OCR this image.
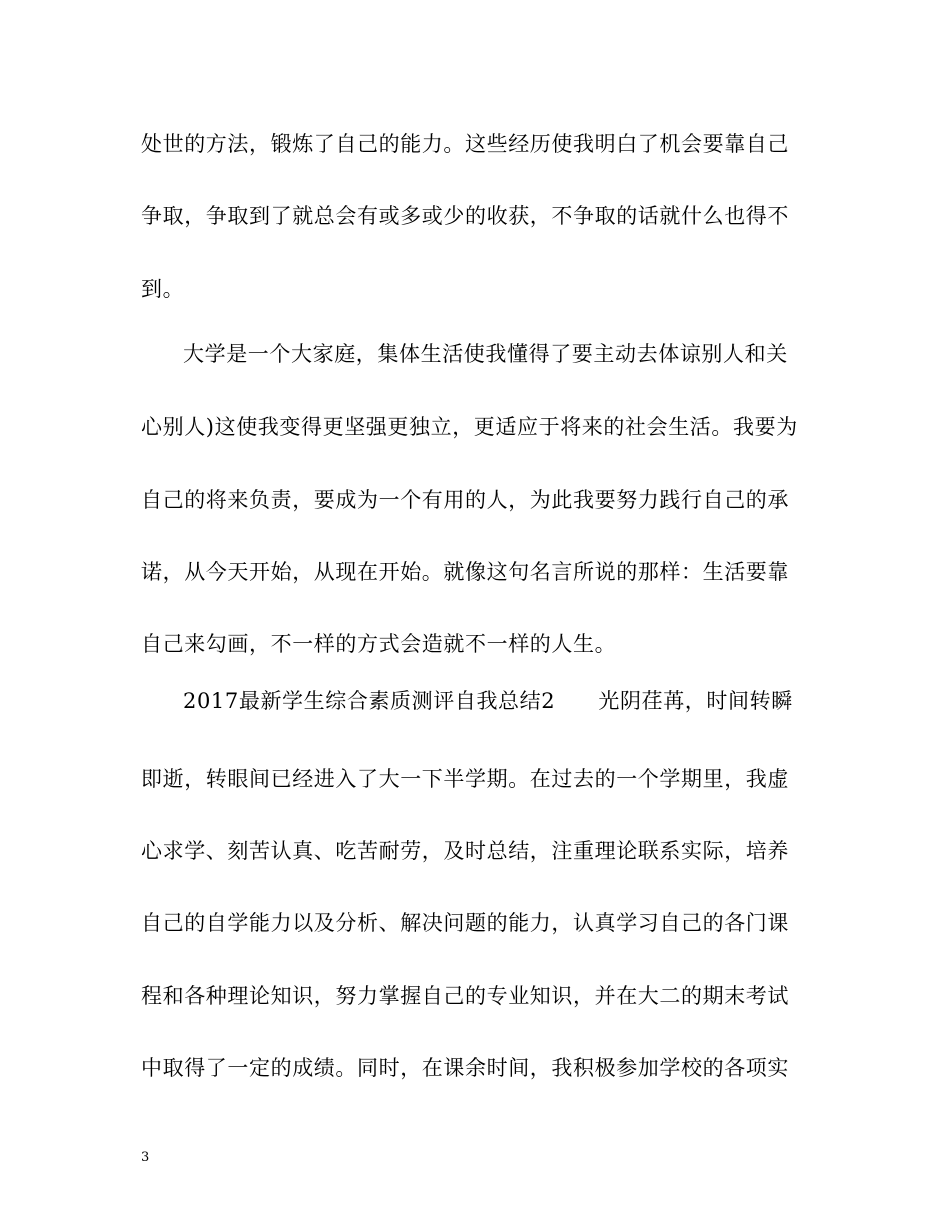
处世的方法，锻炼了自己的能力。这些经历使我明白了机会要靠自己
争取，争取到了就总会有或多或少的收获，不争取的话就什么也得不
到。
大学是一个大家庭，集体生活使我懂得了要主动去体谅别人和关
心别人)这使我变得更坚强更独立，更适应于将来的社会生活。我要为
自己的将来负责，要成为一个有用的人，为此我要努力践行自己的承
诺，从今天开始，从现在开始。就像这句名言所说的那样：生活要靠
自己来勾画，不一样的方式会造就不一样的人生。
2017最新学生综合素质测评自我总结2　　光阴荏苒，时间转瞬
即逝，转眼间已经进入了大一下半学期。在过去的一个学期里，我虚
心求学、刻苦认真、吃苦耐劳，及时总结，注重理论联系实际，培养
自己的自学能力以及分析、解决问题的能力，认真学习自己的各门课
程和各种理论知识，努力掌握自己的专业知识，并在大二的期末考试
中取得了一定的成绩。同时，在课余时间，我积极参加学校的各项实
3
